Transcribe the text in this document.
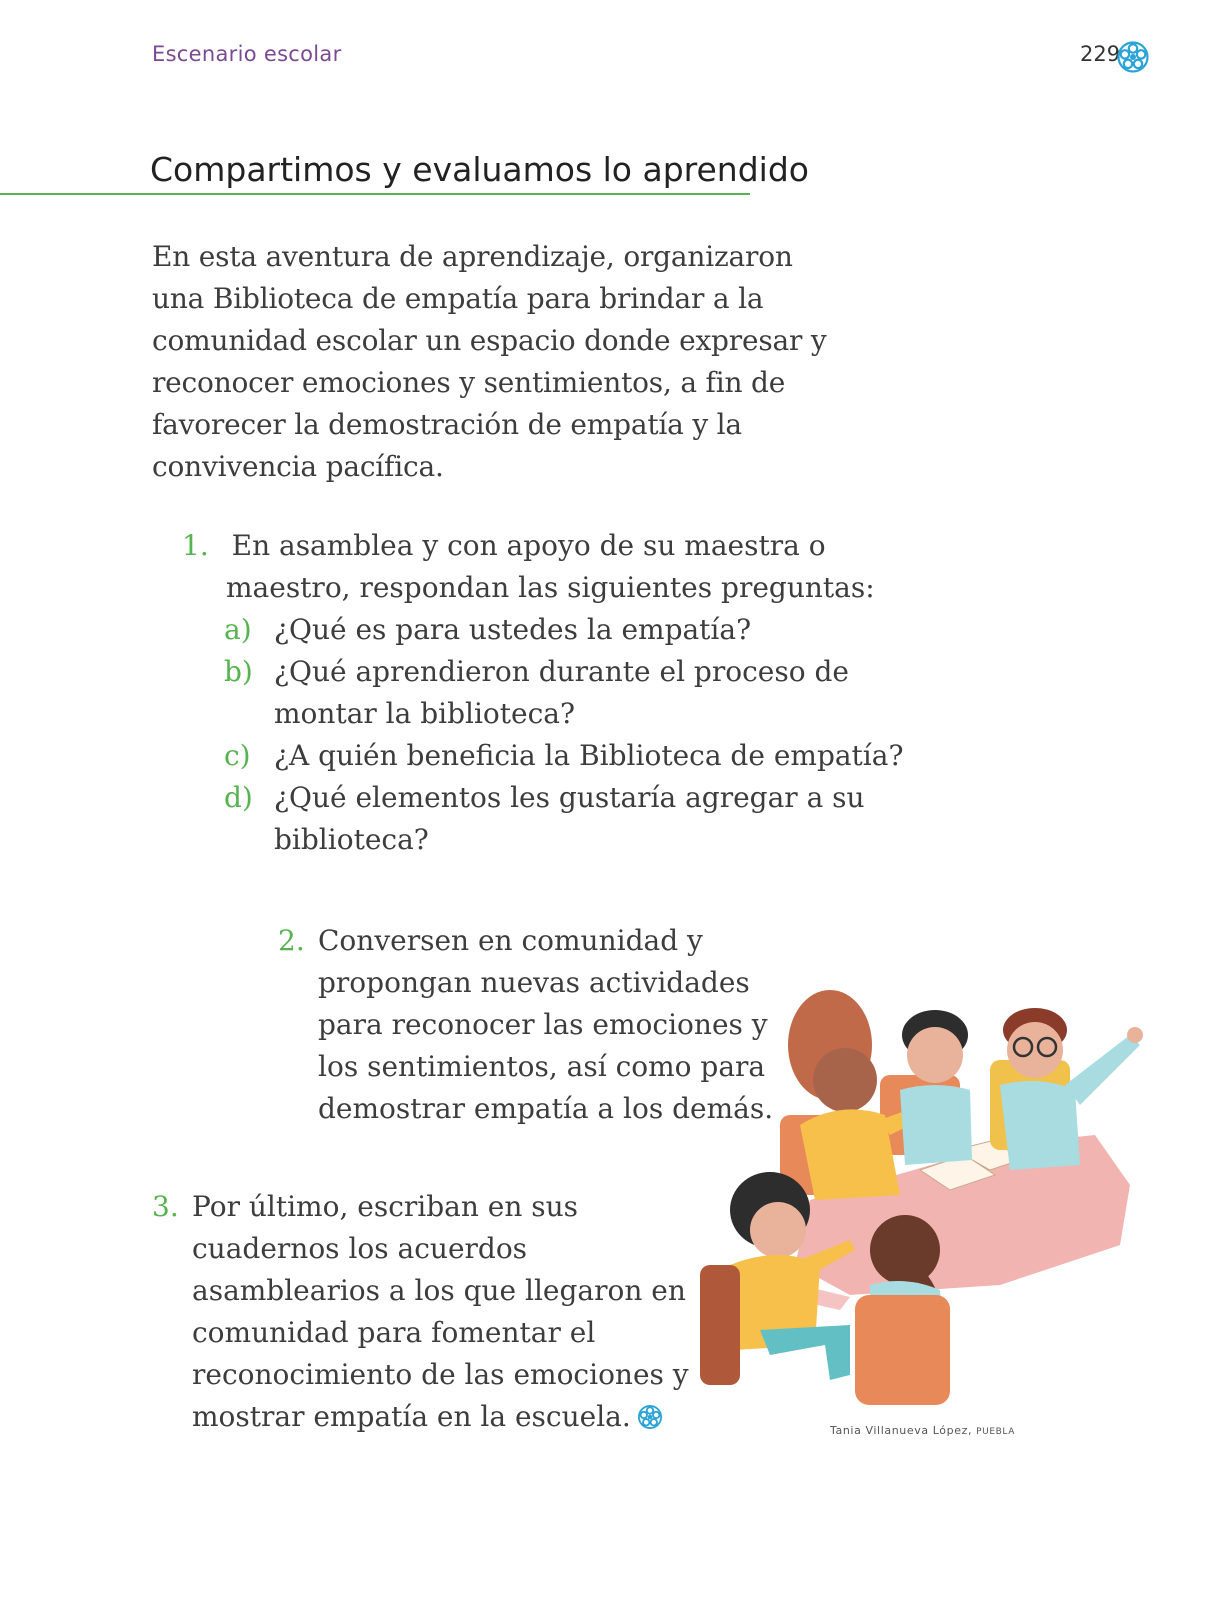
Escenario escolar	229
Compartimos y evaluamos lo aprendido

En esta aventura de aprendizaje, organizaron una Biblioteca de empatía para brindar a la comunidad escolar un espacio donde expresar y reconocer emociones y sentimientos, a fin de favorecer la demostración de empatía y la convivencia pacífica.

1.   En asamblea y con apoyo de su maestra o maestro, respondan las siguientes preguntas:
a) ¿Qué es para ustedes la empatía?
b) ¿Qué aprendieron durante el proceso de montar la biblioteca?
c) ¿A quién beneficia la Biblioteca de empatía?
d) ¿Qué elementos les gustaría agregar a su biblioteca?
2. Conversen en comunidad y propongan nuevas actividades para reconocer las emociones y los sentimientos, así como para demostrar empatía a los demás.
3. Por último, escriban en sus cuadernos los acuerdos asamblearios a los que llegaron en comunidad para fomentar el reconocimiento de las emociones y mostrar empatía en la escuela.	Tania Villanueva López, PUEBLA
